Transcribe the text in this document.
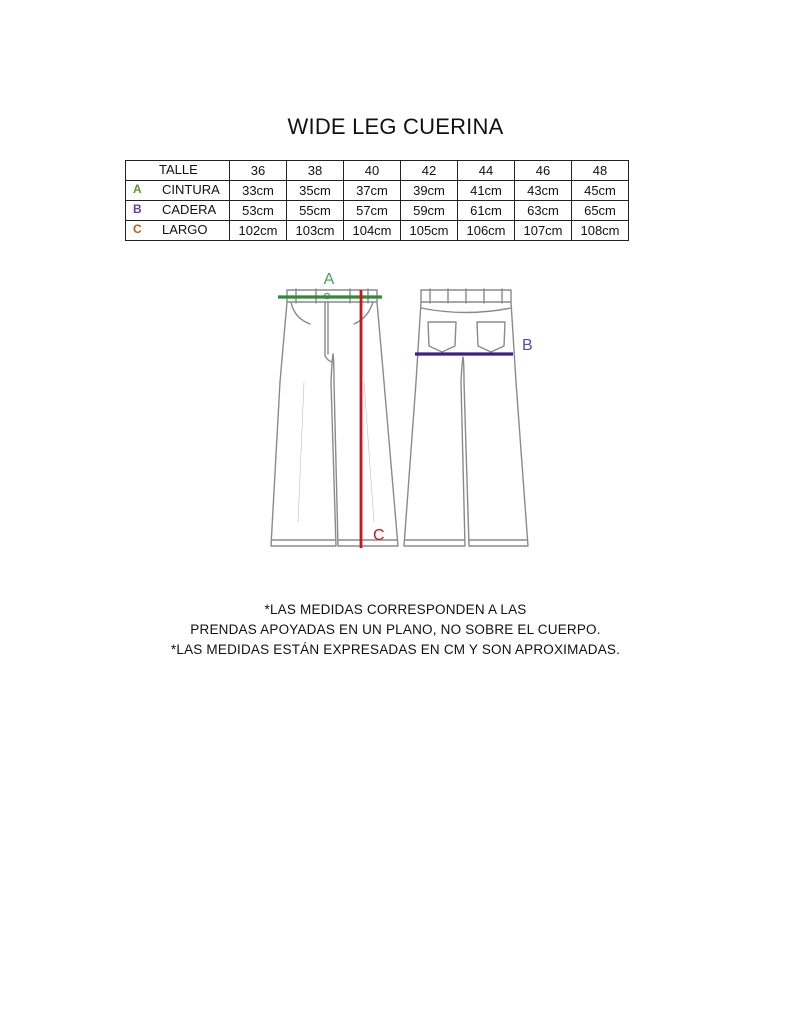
WIDE LEG CUERINA
TALLE	36	38	40	42	44	46	48

A CINTURA	33cm	35cm	37cm	39cm	41cm	43cm	45cm

B CADERA	53cm	55cm	57cm	59cm	61cm	63cm	65cm

C LARGO	102cm	103cm	104cm	105cm	106cm	107cm	108cm
A
B
C
*LAS MEDIDAS CORRESPONDEN A LAS
PRENDAS APOYADAS EN UN PLANO, NO SOBRE EL CUERPO.
*LAS MEDIDAS ESTÁN EXPRESADAS EN CM Y SON APROXIMADAS.
